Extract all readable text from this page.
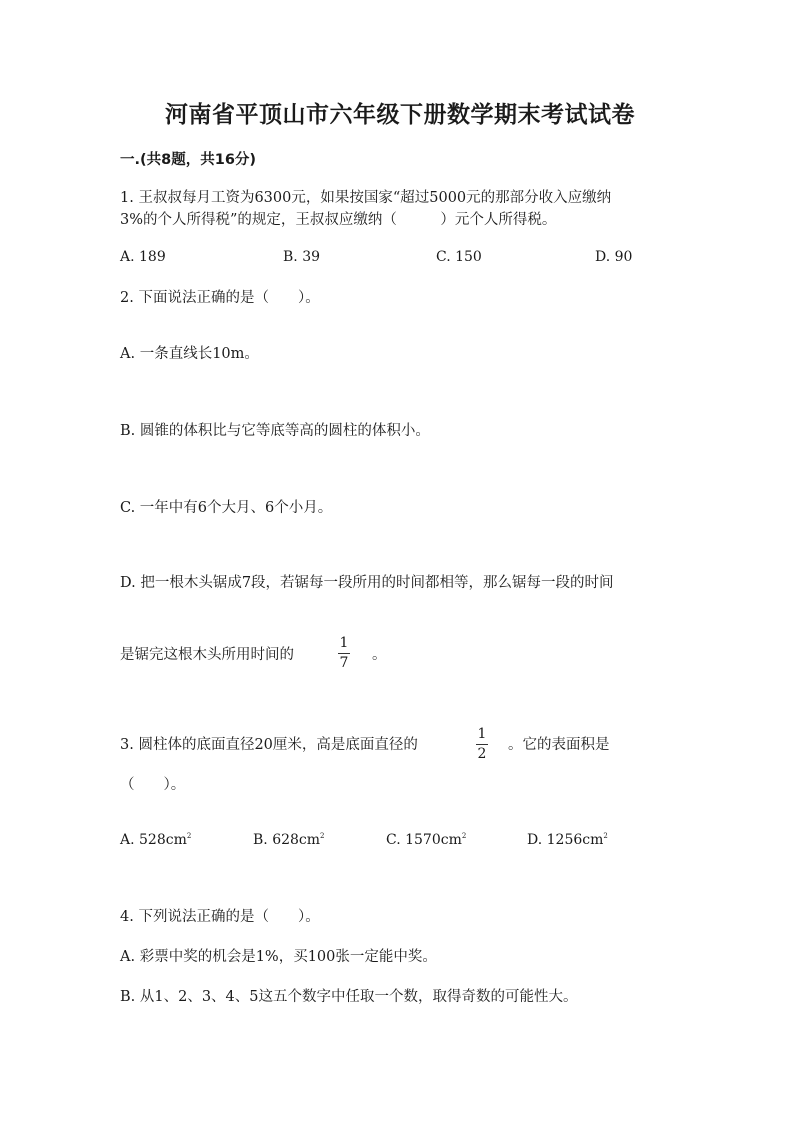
河南省平顶山市六年级下册数学期末考试试卷
一.(共8题，共16分)
1. 王叔叔每月工资为6300元，如果按国家“超过5000元的那部分收入应缴纳
3%的个人所得税”的规定，王叔叔应缴纳（　　　）元个人所得税。
A. 189	B. 39	C. 150	D. 90
2. 下面说法正确的是（　　）。
A. 一条直线长10m。
B. 圆锥的体积比与它等底等高的圆柱的体积小。
C. 一年中有6个大月、6个小月。
D. 把一根木头锯成7段，若锯每一段所用的时间都相等，那么锯每一段的时间
是锯完这根木头所用时间的
1
7 。
3. 圆柱体的底面直径20厘米，高是底面直径的
1
2
。它的表面积是
（　　）。
A. $528cm^2$	B. $628cm^2$	C. $1570cm^2$	D. $1256cm^2$
4. 下列说法正确的是（　　）。
A. 彩票中奖的机会是1%，买100张一定能中奖。
B. 从1、2、3、4、5这五个数字中任取一个数，取得奇数的可能性大。
